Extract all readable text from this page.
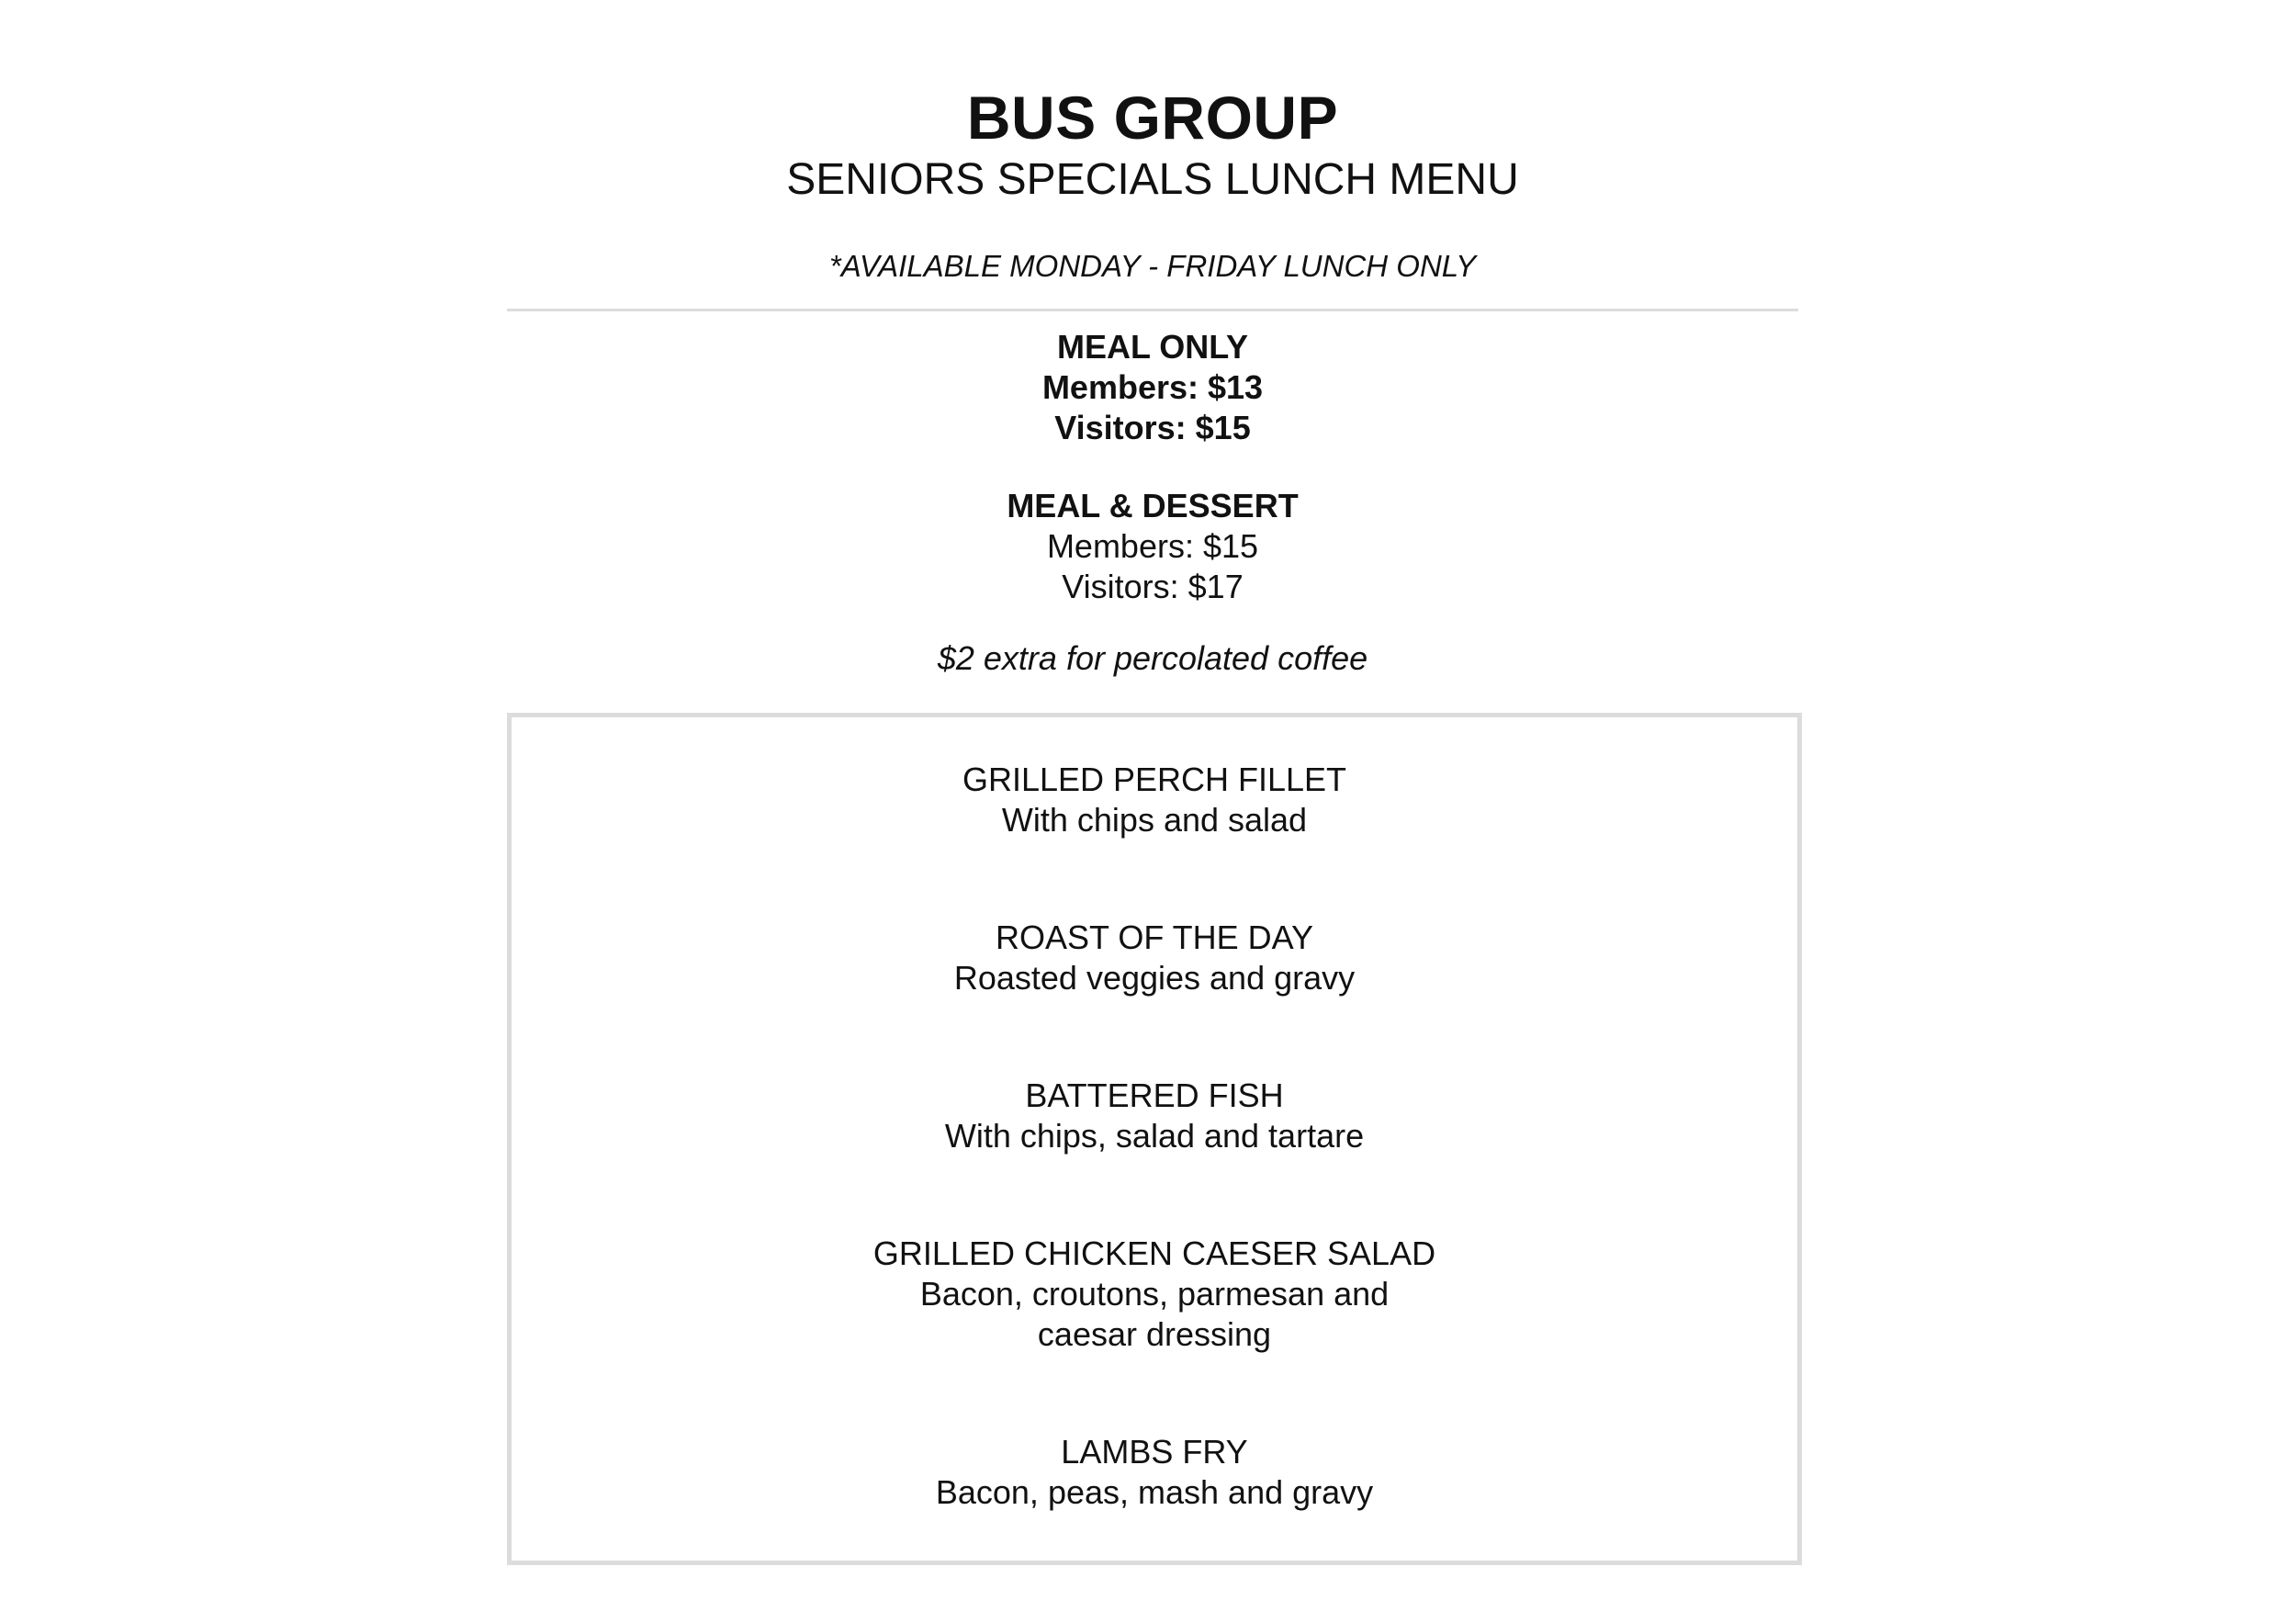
BUS GROUP
SENIORS SPECIALS LUNCH MENU
*AVAILABLE MONDAY - FRIDAY LUNCH ONLY
MEAL ONLY
Members: $13
Visitors: $15
MEAL & DESSERT
Members: $15
Visitors: $17
$2 extra for percolated coffee
GRILLED PERCH FILLET
With chips and salad
ROAST OF THE DAY
Roasted veggies and gravy
BATTERED FISH
With chips, salad and tartare
GRILLED CHICKEN CAESER SALAD
Bacon, croutons, parmesan and
caesar dressing
LAMBS FRY
Bacon, peas, mash and gravy
